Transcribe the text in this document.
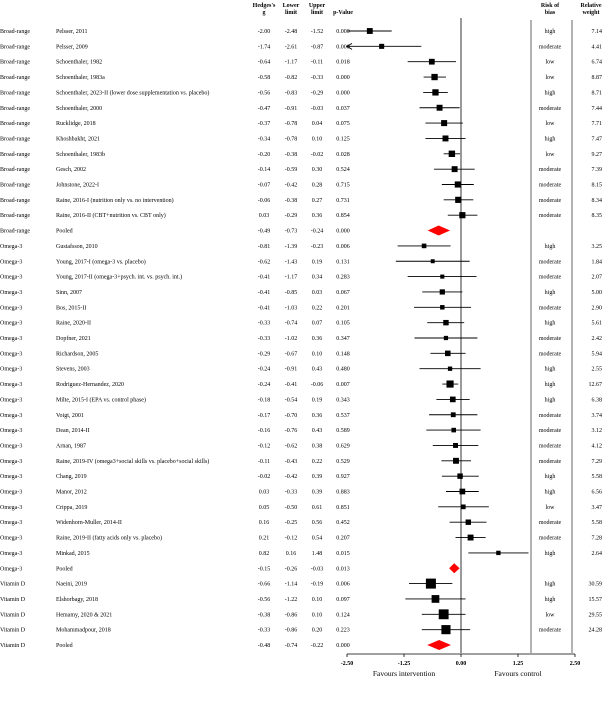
Hedges's
g
Lower
limit
Upper
limit p-Value
Risk of
bias
Relative
weight
Broad-range	Pelsser, 2011	-2.00 -2.48 -1.52 0.000	high	7.14
Broad-range	Pelsser, 2009	-1.74 -2.61 -0.87 0.000	moderate	4.41
Broad-range	Schoenthaler, 1982	-0.64 -1.17 -0.11 0.018	low	6.74
Broad-range	Schoenthaler, 1983a	-0.58 -0.82 -0.33 0.000	low	8.87
Broad-range	Schoenthaler, 2023-II (lower dose supplementation vs. placebo)	-0.56 -0.83 -0.29 0.000	high	8.71
Broad-range	Schoenthaler, 2000	-0.47 -0.91 -0.03 0.037	moderate	7.44
Broad-range	Rucklidge, 2018	-0.37 -0.78 0.04 0.075	low	7.71
Broad-range	Khoshbakht, 2021	-0.34 -0.78 0.10 0.125	high	7.47
Broad-range	Schoenthaler, 1983b	-0.20 -0.38 -0.02 0.028	low	9.27
Broad-range	Gesch, 2002	-0.14 -0.59 0.30 0.524	moderate	7.39
Broad-range	Johnstone, 2022-I	-0.07 -0.42 0.28 0.715	moderate	8.15
Broad-range	Raine, 2016-I (nutrition only vs. no intervention)	-0.06 -0.38 0.27 0.731	moderate	8.34
Broad-range	Raine, 2016-II (CBT+nutrition vs. CBT only)	0.03	-0.29 0.36 0.854	moderate	8.35
Broad-range	Pooled	-0.49 -0.73 -0.24 0.000
Omega-3	Gustafsson, 2010	-0.81 -1.39 -0.23 0.006	high	3.25
Omega-3	Young, 2017-I (omega-3 vs. placebo)	-0.62 -1.43 0.19 0.131	moderate	1.84
Omega-3	Young, 2017-II (omega-3+psych. int. vs. psych. int.)	-0.41 -1.17 0.34 0.283	moderate	2.07
Omega-3	Sinn, 2007	-0.41 -0.85 0.03 0.067	high	5.00
Omega-3	Bos, 2015-II	-0.41 -1.03 0.22 0.201	moderate	2.90
Omega-3	Raine, 2020-II	-0.33 -0.74 0.07 0.105	high	5.61
Omega-3	Dopfner, 2021	-0.33 -1.02 0.36 0.347	moderate	2.42
Omega-3	Richardson, 2005	-0.29 -0.67 0.10 0.148	moderate	5.94
Omega-3	Stevens, 2003	-0.24 -0.91 0.43 0.480	high	2.55
Omega-3	Rodriguez-Hernandez, 2020	-0.24 -0.41 -0.06 0.007	high	12.67
Omega-3	Milte, 2015-I (EPA vs. control phase)	-0.18 -0.54 0.19 0.343	high	6.38
Omega-3	Voigt, 2001	-0.17 -0.70 0.36 0.537	moderate	3.74
Omega-3	Dean, 2014-II	-0.16 -0.76 0.43 0.589	moderate	3.12
Omega-3	Arnan, 1987	-0.12 -0.62 0.38 0.629	moderate	4.12
Omega-3	Raine, 2019-IV (omega3+social skills vs. placebo+social skills)	-0.11 -0.43 0.22 0.529	moderate	7.29
Omega-3	Chang, 2019	-0.02 -0.42 0.39 0.927	high	5.58
Omega-3	Manor, 2012	0.03	-0.33 0.39 0.883	high	6.56
Omega-3	Crippa, 2019	0.05	-0.50 0.61 0.851	low	3.47
Omega-3	Widenhorn-Muller, 2014-II	0.16	-0.25 0.56 0.452	moderate	5.58
Omega-3	Raine, 2019-II (fatty acids only vs. placebo)	0.21	-0.12 0.54 0.207	moderate	7.28
Omega-3	Minkad, 2015	0.82	0.16	1.48 0.015	high	2.64
Omega-3	Pooled	-0.15 -0.26 -0.03 0.013
Vitamin D	Naeini, 2019	-0.66 -1.14 -0.19 0.006	high	30.59
Vitamin D	Elshorbagy, 2018	-0.56 -1.22 0.10 0.097	high	15.57
Vitamin D	Hemamy, 2020 & 2021	-0.38 -0.86 0.10 0.124	low	29.55
Vitamin D	Mohammadpour, 2018	-0.33 -0.86 0.20 0.223	moderate	24.28
Vitamin D	Pooled	-0.48 -0.74 -0.22 0.000
-2.50	-1.25	0.00	1.25	2.50
Favours intervention	Favours control
